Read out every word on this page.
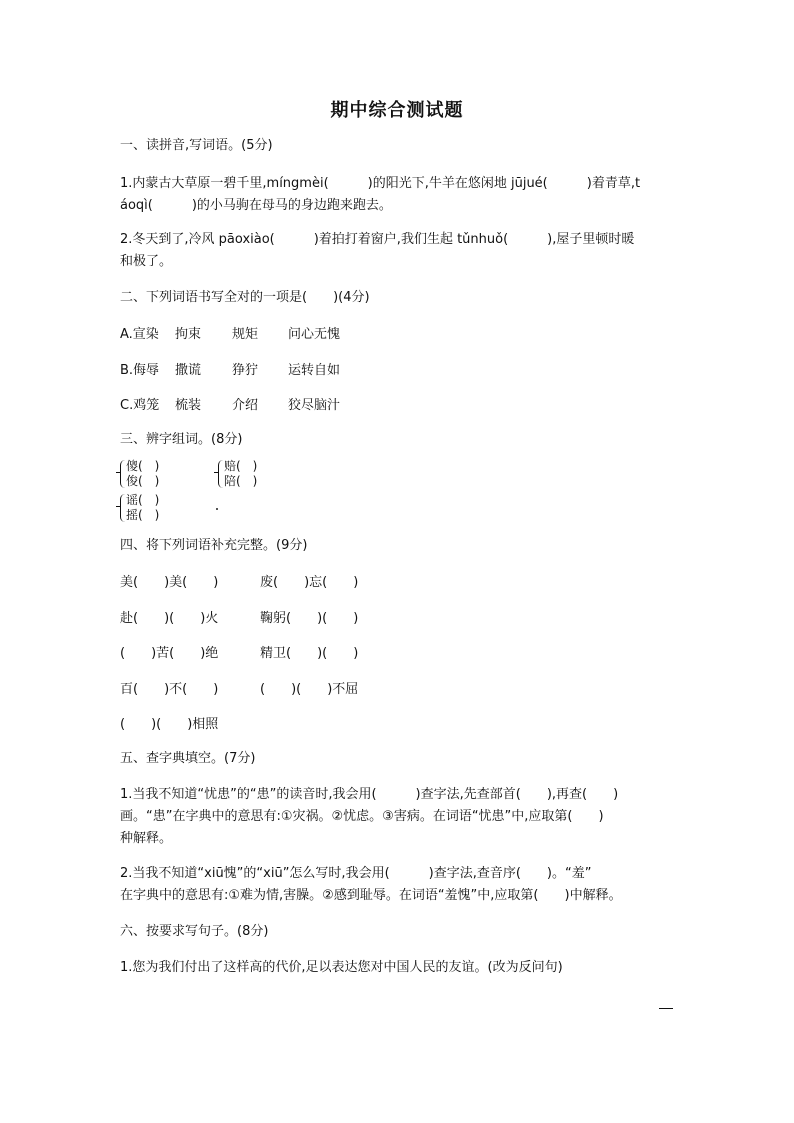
期中综合测试题
一、读拼音,写词语。(5分)
1.内蒙古大草原一碧千里,míngmèi(　　　)的阳光下,牛羊在悠闲地 jūjué(　　　)着青草,t
áoqì(　　　)的小马驹在母马的身边跑来跑去。
2.冬天到了,冷风 pāoxiào(　　　)着拍打着窗户,我们生起 tǔnhuǒ(　　　),屋子里顿时暖
和极了。
二、下列词语书写全对的一项是(　　)(4分)
A.宣染 拘束 规矩 问心无愧
B.侮辱 撒谎 狰狞 运转自如
C.鸡笼 梳装 介绍 狡尽脑汁
三、辨字组词。(8分)
傻(　)
俊(　)
赔(　)
陪(　)
谣(　)
摇(　)
四、将下列词语补充完整。(9分)
美(　　)美(　　)	废(　　)忘(　　)
赴(　　)(　　)火	鞠躬(　　)(　　)
(　　)苦(　　)绝	精卫(　　)(　　)
百(　　)不(　　)	(　　)(　　)不屈
(　　)(　　)相照
五、查字典填空。(7分)
1.当我不知道“忧患”的“患”的读音时,我会用(　　　)查字法,先查部首(　　),再查(　　)
画。“患”在字典中的意思有:①灾祸。②忧虑。③害病。在词语“忧患”中,应取第(　　)
种解释。
2.当我不知道“xiū愧”的“xiū”怎么写时,我会用(　　　)查字法,查音序(　　)。“羞”
在字典中的意思有:①难为情,害臊。②感到耻辱。在词语“羞愧”中,应取第(　　)中解释。
六、按要求写句子。(8分)
1.您为我们付出了这样高的代价,足以表达您对中国人民的友谊。(改为反问句)
